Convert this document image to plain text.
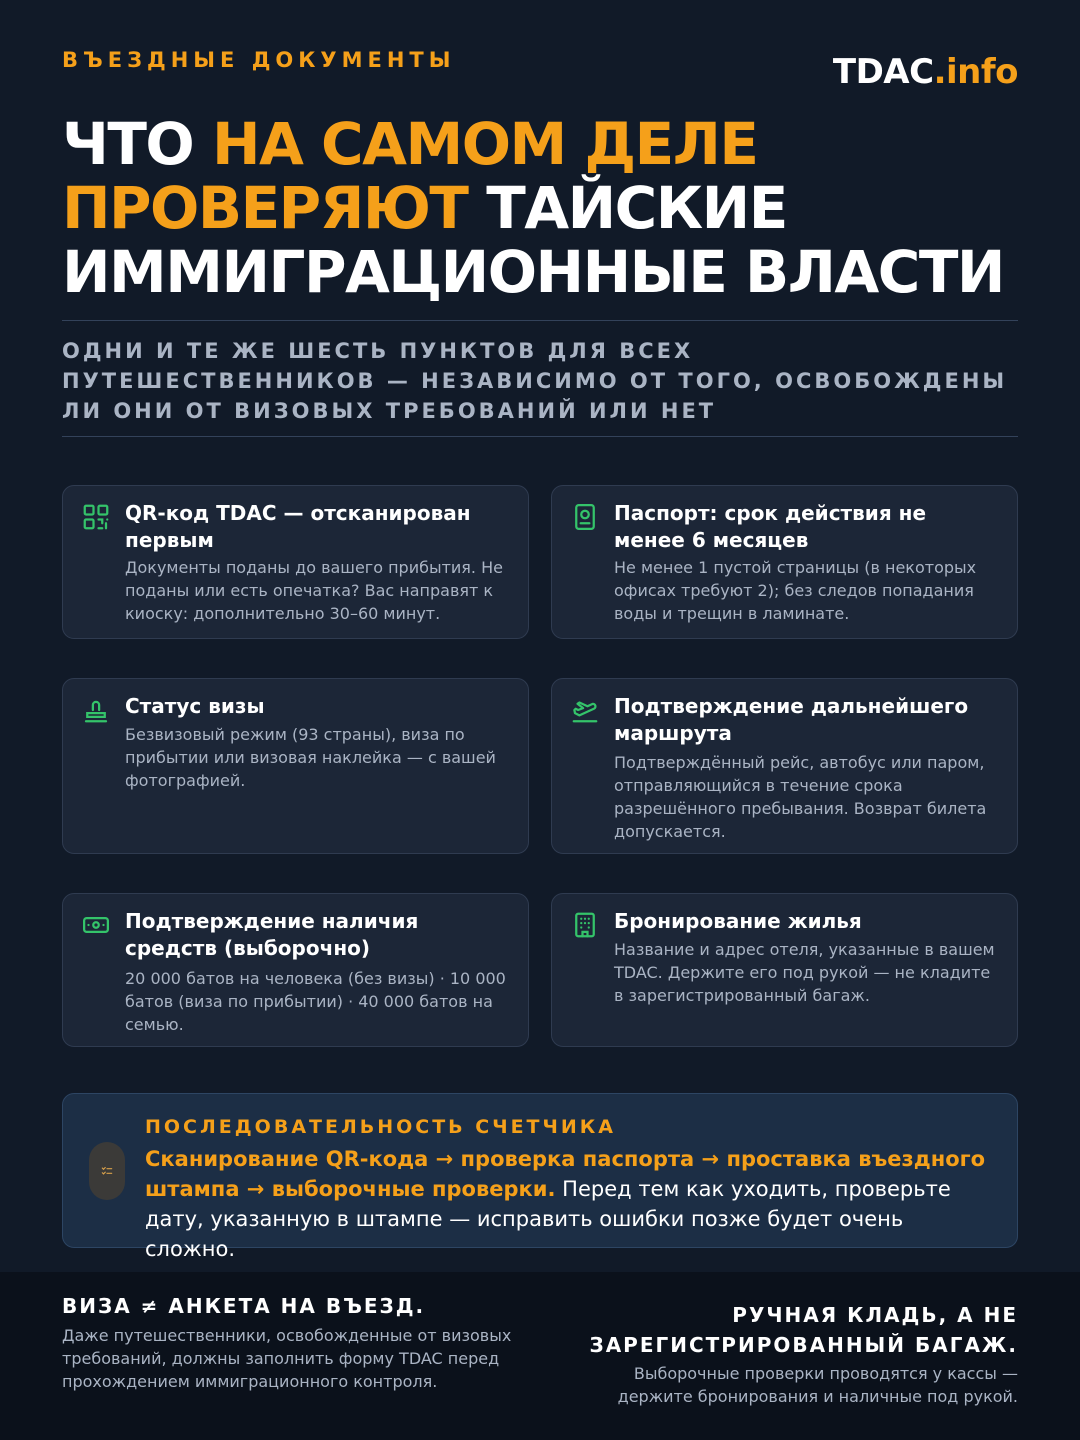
ВЪЕЗДНЫЕ ДОКУМЕНТЫ	TDAC.info
ЧТО НА САМОМ ДЕЛЕ ПРОВЕРЯЮТ ТАЙСКИЕ ИММИГРАЦИОННЫЕ ВЛАСТИ
ОДНИ И ТЕ ЖЕ ШЕСТЬ ПУНКТОВ ДЛЯ ВСЕХ ПУТЕШЕСТВЕННИКОВ — НЕЗАВИСИМО ОТ ТОГО, ОСВОБОЖДЕНЫ ЛИ ОНИ ОТ ВИЗОВЫХ ТРЕБОВАНИЙ ИЛИ НЕТ
QR-код TDAC — отсканирован первым
Документы поданы до вашего прибытия. Не поданы или есть опечатка? Вас направят к киоску: дополнительно 30–60 минут.
Паспорт: срок действия не менее 6 месяцев
Не менее 1 пустой страницы (в некоторых офисах требуют 2); без следов попадания воды и трещин в ламинате.
Статус визы
Безвизовый режим (93 страны), виза по прибытии или визовая наклейка — с вашей фотографией.
Подтверждение дальнейшего маршрута
Подтверждённый рейс, автобус или паром, отправляющийся в течение срока разрешённого пребывания. Возврат билета допускается.
Подтверждение наличия средств (выборочно)
20 000 батов на человека (без визы) · 10 000 батов (виза по прибытии) · 40 000 батов на семью.
Бронирование жилья
Название и адрес отеля, указанные в вашем TDAC. Держите его под рукой — не кладите в зарегистрированный багаж.
ПОСЛЕДОВАТЕЛЬНОСТЬ СЧЕТЧИКА
Сканирование QR-кода → проверка паспорта → проставка въездного штампа → выборочные проверки. Перед тем как уходить, проверьте дату, указанную в штампе — исправить ошибки позже будет очень сложно.
ВИЗА ≠ АНКЕТА НА ВЪЕЗД.
Даже путешественники, освобожденные от визовых требований, должны заполнить форму TDAC перед прохождением иммиграционного контроля.
РУЧНАЯ КЛАДЬ, А НЕ ЗАРЕГИСТРИРОВАННЫЙ БАГАЖ.
Выборочные проверки проводятся у кассы — держите бронирования и наличные под рукой.
